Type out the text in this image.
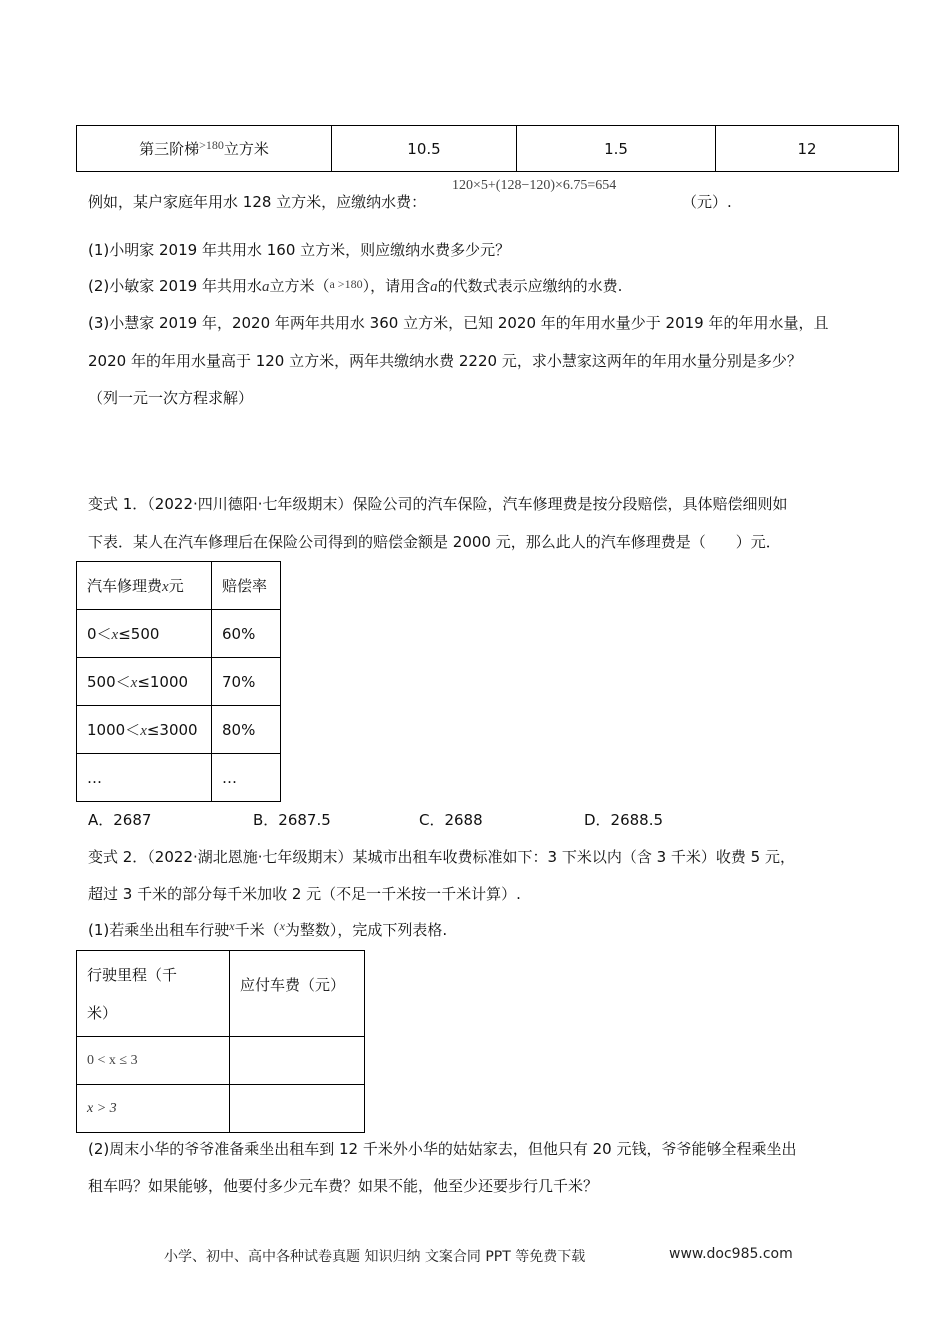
第三阶梯$^{>180}$立方米	10.5	1.5	12
例如，某户家庭年用水 128 立方米，应缴纳水费：
120×5+(128−120)×6.75=654
（元）.
(1)小明家 2019 年共用水 160 立方米，则应缴纳水费多少元？
(2)小敏家 2019 年共用水a立方米（$^{a >180}$），请用含a的代数式表示应缴纳的水费.
(3)小慧家 2019 年，2020 年两年共用水 360 立方米，已知 2020 年的年用水量少于 2019 年的年用水量，且
2020 年的年用水量高于 120 立方米，两年共缴纳水费 2220 元，求小慧家这两年的年用水量分别是多少？
（列一元一次方程求解）
变式 1．（2022·四川德阳·七年级期末）保险公司的汽车保险，汽车修理费是按分段赔偿，具体赔偿细则如
下表．某人在汽车修理后在保险公司得到的赔偿金额是 2000 元，那么此人的汽车修理费是（　　）元．
汽车修理费x元	赔偿率
0＜x≤500	60%
500＜x≤1000	70%
1000＜x≤3000	80%
…	…
A．2687	B．2687.5	C．2688	D．2688.5
变式 2．（2022·湖北恩施·七年级期末）某城市出租车收费标准如下：3 下米以内（含 3 千米）收费 5 元，
超过 3 千米的部分每千米加收 2 元（不足一千米按一千米计算）.
(1)若乘坐出租车行驶$^x$千米（$^x$为整数），完成下列表格.
行驶里程（千
米）	应付车费（元）
0 < x ≤ 3	
x > 3	
(2)周末小华的爷爷准备乘坐出租车到 12 千米外小华的姑姑家去，但他只有 20 元钱，爷爷能够全程乘坐出
租车吗？如果能够，他要付多少元车费？如果不能，他至少还要步行几千米？
小学、初中、高中各种试卷真题 知识归纳 文案合同 PPT 等免费下载	www.doc985.com
